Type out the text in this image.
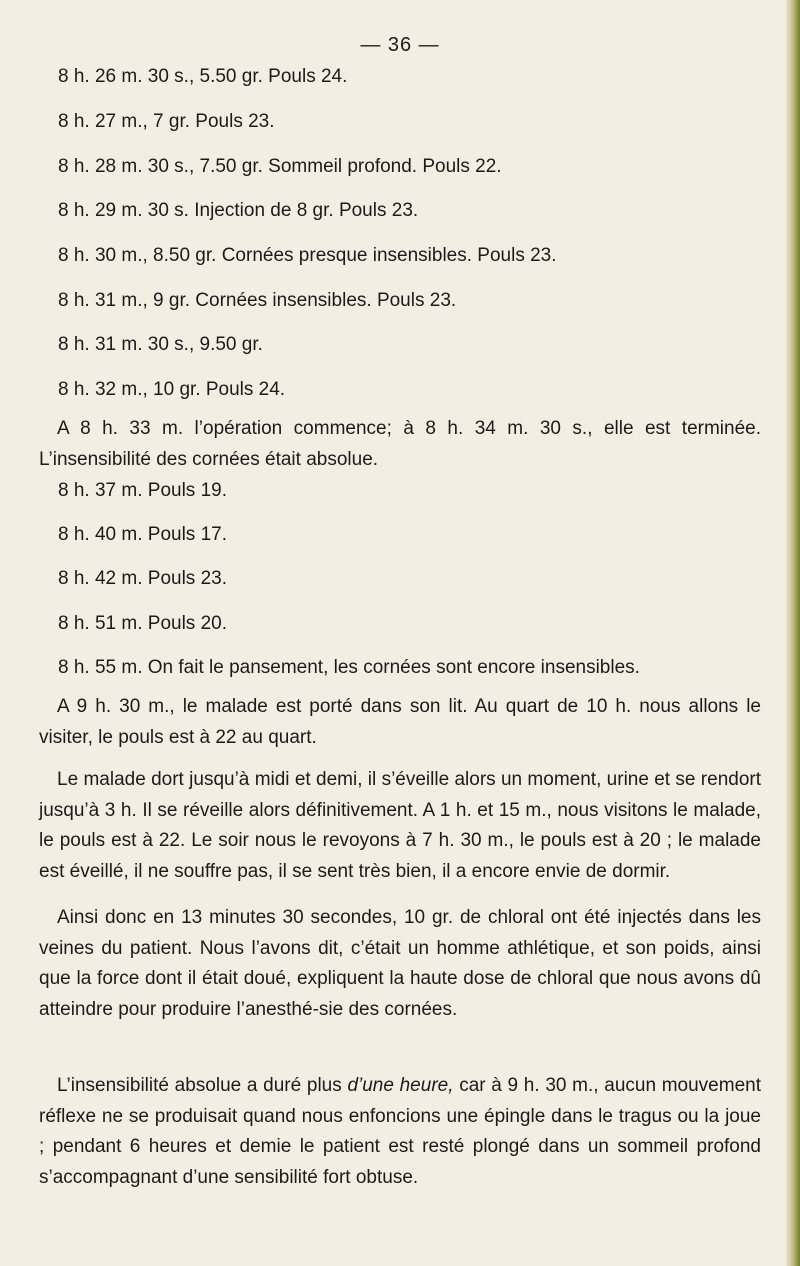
— 36 —
8 h. 26 m. 30 s., 5.50 gr. Pouls 24.
8 h. 27 m., 7 gr. Pouls 23.
8 h. 28 m. 30 s., 7.50 gr. Sommeil profond. Pouls 22.
8 h. 29 m. 30 s. Injection de 8 gr. Pouls 23.
8 h. 30 m., 8.50 gr. Cornées presque insensibles. Pouls 23.
8 h. 31 m., 9 gr. Cornées insensibles. Pouls 23.
8 h. 31 m. 30 s., 9.50 gr.
8 h. 32 m., 10 gr. Pouls 24.
A 8 h. 33 m. l’opération commence; à 8 h. 34 m. 30 s., elle est terminée. L’insensibilité des cornées était absolue.
8 h. 37 m. Pouls 19.
8 h. 40 m. Pouls 17.
8 h. 42 m. Pouls 23.
8 h. 51 m. Pouls 20.
8 h. 55 m. On fait le pansement, les cornées sont encore insensibles.
A 9 h. 30 m., le malade est porté dans son lit. Au quart de 10 h. nous allons le visiter, le pouls est à 22 au quart.
Le malade dort jusqu’à midi et demi, il s’éveille alors un moment, urine et se rendort jusqu’à 3 h. Il se réveille alors définitivement. A 1 h. et 15 m., nous visitons le malade, le pouls est à 22. Le soir nous le revoyons à 7 h. 30 m., le pouls est à 20 ; le malade est éveillé, il ne souffre pas, il se sent très bien, il a encore envie de dormir.
Ainsi donc en 13 minutes 30 secondes, 10 gr. de chloral ont été injectés dans les veines du patient. Nous l’avons dit, c’était un homme athlétique, et son poids, ainsi que la force dont il était doué, expliquent la haute dose de chloral que nous avons dû atteindre pour produire l’anesthé-sie des cornées.
L’insensibilité absolue a duré plus d’une heure, car à 9 h. 30 m., aucun mouvement réflexe ne se produisait quand nous enfoncions une épingle dans le tragus ou la joue ; pendant 6 heures et demie le patient est resté plongé dans un sommeil profond s’accompagnant d’une sensibilité fort obtuse.
